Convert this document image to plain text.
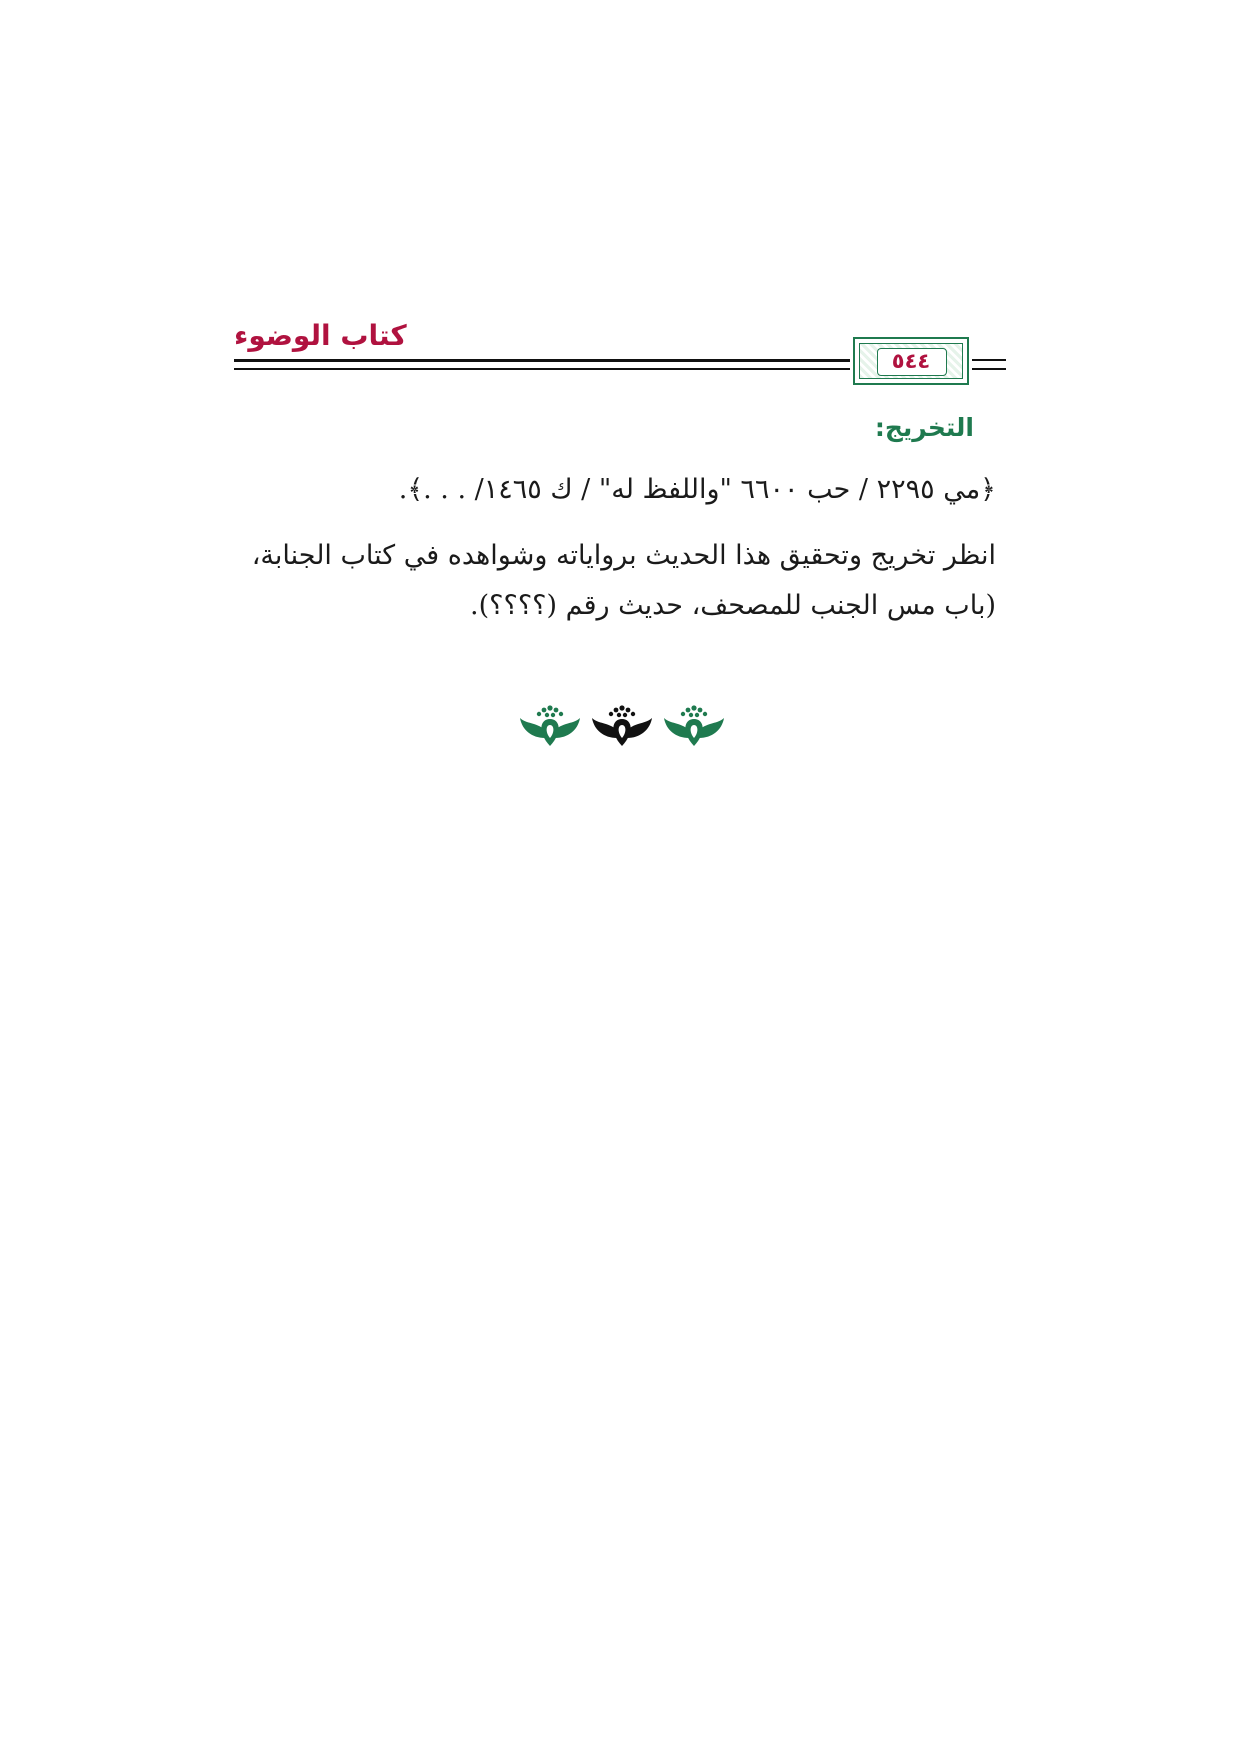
كتاب الوضوء
٥٤٤
التخريج:
﴿مي ٢٢٩٥ / حب ٦٦٠٠ "واللفظ له" / ك ١٤٦٥/ . . .﴾.
انظر تخريج وتحقيق هذا الحديث برواياته وشواهده في كتاب الجنابة،
(باب مس الجنب للمصحف، حديث رقم (؟؟؟؟).
